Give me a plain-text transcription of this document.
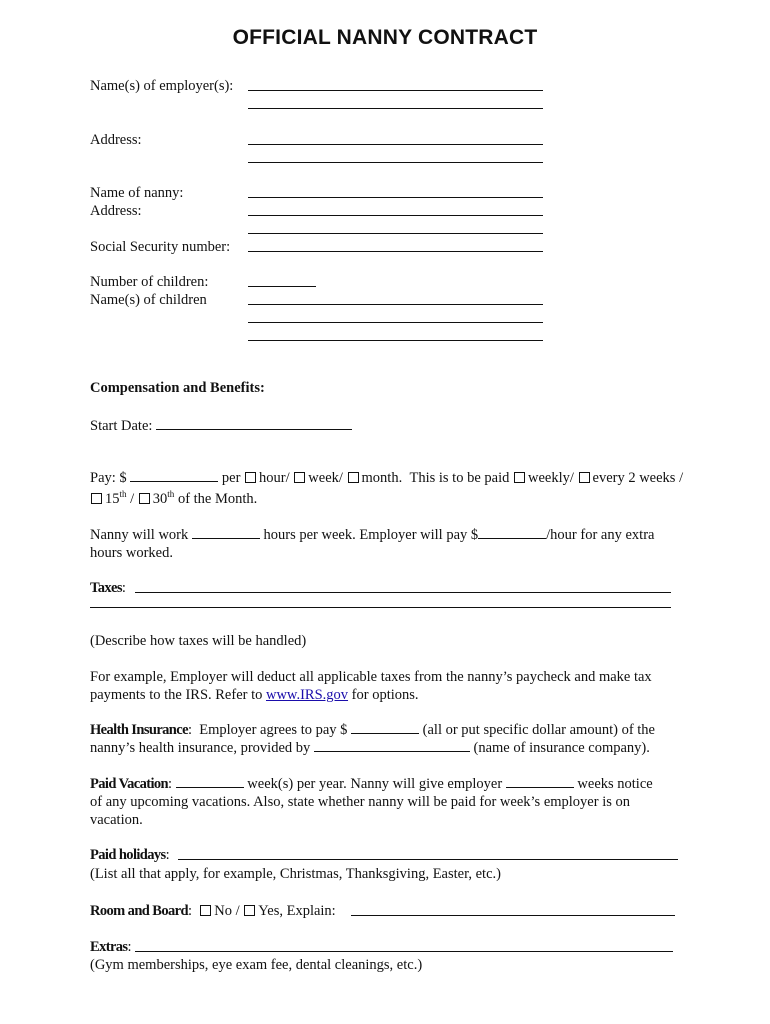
OFFICIAL NANNY CONTRACT
Name(s) of employer(s):
Address:
Name of nanny:
Address:
Social Security number:
Number of children:
Name(s) of children
Compensation and Benefits:
Start Date:
Pay: $	per hour/ week/ month. This is to be paid weekly/ every 2 weeks /
15th / 30th of the Month.
Nanny will work	hours per week. Employer will pay $	/hour for any extra
hours worked.
Taxes:
(Describe how taxes will be handled)
For example, Employer will deduct all applicable taxes from the nanny’s paycheck and make tax
payments to the IRS. Refer to www.IRS.gov for options.
Health Insurance:  Employer agrees to pay $	(all or put specific dollar amount) of the
nanny’s health insurance, provided by	(name of insurance company).
Paid Vacation:	week(s) per year. Nanny will give employer	weeks notice
of any upcoming vacations. Also, state whether nanny will be paid for week’s employer is on
vacation.
Paid holidays:
(List all that apply, for example, Christmas, Thanksgiving, Easter, etc.)
Room and Board:  No / Yes, Explain:
Extras:
(Gym memberships, eye exam fee, dental cleanings, etc.)
